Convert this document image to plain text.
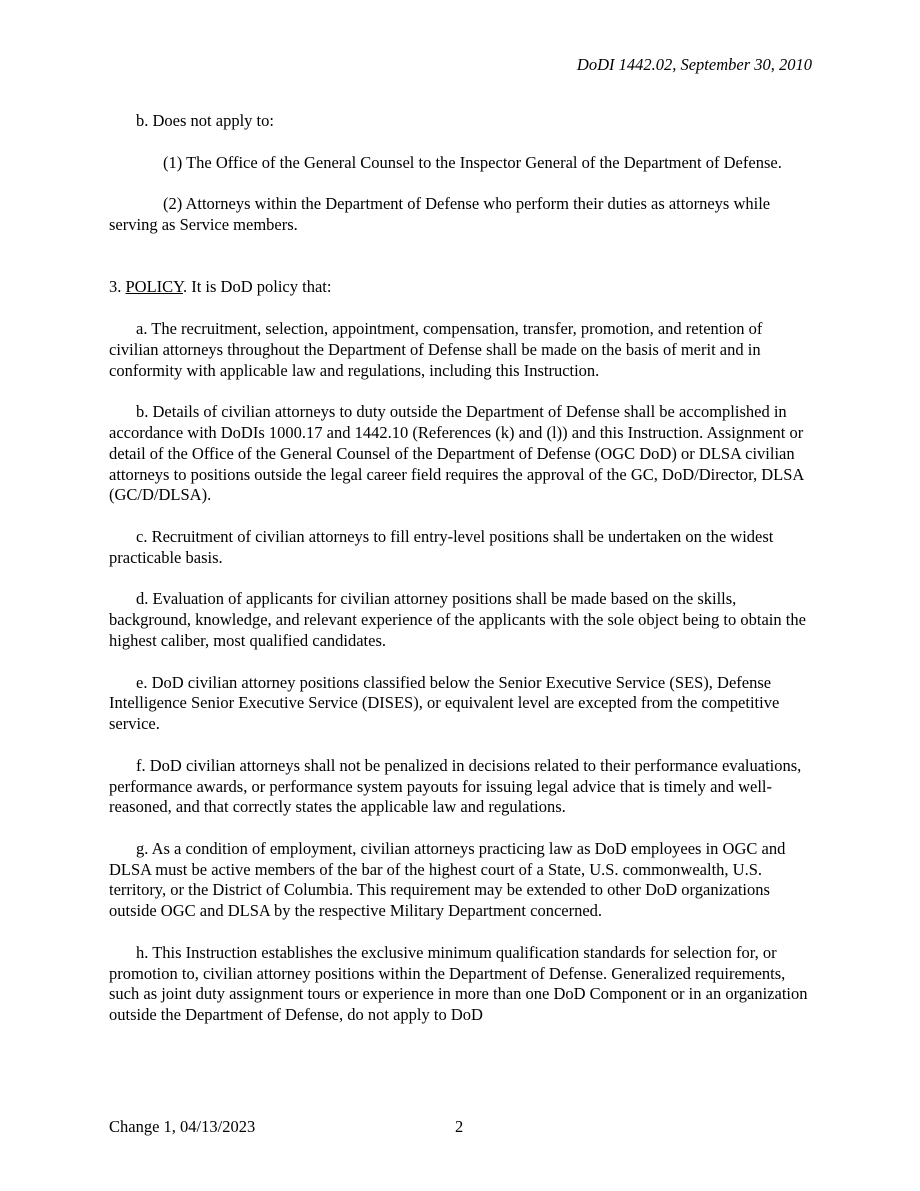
DoDI 1442.02, September 30, 2010

b. Does not apply to:

(1) The Office of the General Counsel to the Inspector General of the Department of Defense.

(2) Attorneys within the Department of Defense who perform their duties as attorneys while serving as Service members.

3. POLICY. It is DoD policy that:

a. The recruitment, selection, appointment, compensation, transfer, promotion, and retention of civilian attorneys throughout the Department of Defense shall be made on the basis of merit and in conformity with applicable law and regulations, including this Instruction.

b. Details of civilian attorneys to duty outside the Department of Defense shall be accomplished in accordance with DoDIs 1000.17 and 1442.10 (References (k) and (l)) and this Instruction. Assignment or detail of the Office of the General Counsel of the Department of Defense (OGC DoD) or DLSA civilian attorneys to positions outside the legal career field requires the approval of the GC, DoD/Director, DLSA (GC/D/DLSA).

c. Recruitment of civilian attorneys to fill entry-level positions shall be undertaken on the widest practicable basis.

d. Evaluation of applicants for civilian attorney positions shall be made based on the skills, background, knowledge, and relevant experience of the applicants with the sole object being to obtain the highest caliber, most qualified candidates.

e. DoD civilian attorney positions classified below the Senior Executive Service (SES), Defense Intelligence Senior Executive Service (DISES), or equivalent level are excepted from the competitive service.

f. DoD civilian attorneys shall not be penalized in decisions related to their performance evaluations, performance awards, or performance system payouts for issuing legal advice that is timely and well-reasoned, and that correctly states the applicable law and regulations.

g. As a condition of employment, civilian attorneys practicing law as DoD employees in OGC and DLSA must be active members of the bar of the highest court of a State, U.S. commonwealth, U.S. territory, or the District of Columbia. This requirement may be extended to other DoD organizations outside OGC and DLSA by the respective Military Department concerned.

h. This Instruction establishes the exclusive minimum qualification standards for selection for, or promotion to, civilian attorney positions within the Department of Defense. Generalized requirements, such as joint duty assignment tours or experience in more than one DoD Component or in an organization outside the Department of Defense, do not apply to DoD

Change 1, 04/13/2023	2
